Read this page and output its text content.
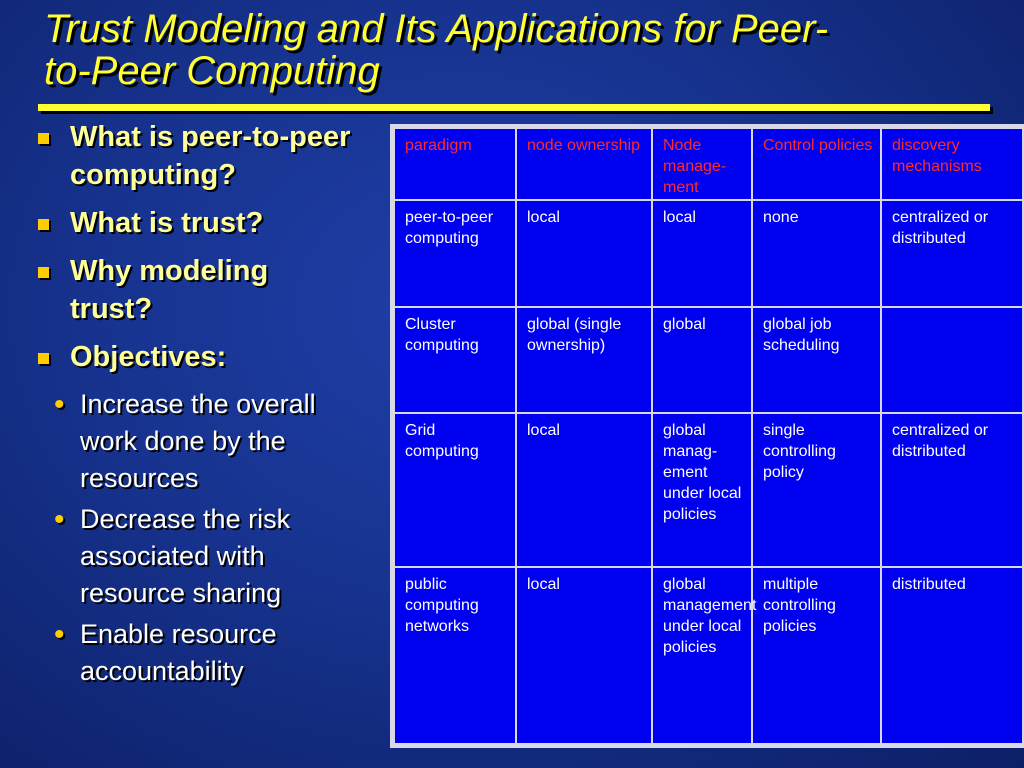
Trust Modeling and Its Applications for Peer-
to-Peer Computing
What is peer-to-peer computing?
What is trust?
Why modeling trust?
Objectives:
• Increase the overall work done by the resources
• Decrease the risk associated with resource sharing
• Enable resource accountability
paradigm	node ownership	Node manage-ment	Control policies	discovery mechanisms
peer-to-peer computing	local	local	none	centralized or distributed
Cluster computing	global (single ownership)	global	global job scheduling	
Grid computing	local	global manag-ement under local policies	single controlling policy	centralized or distributed
public computing networks	local	global management under local policies	multiple controlling policies	distributed
